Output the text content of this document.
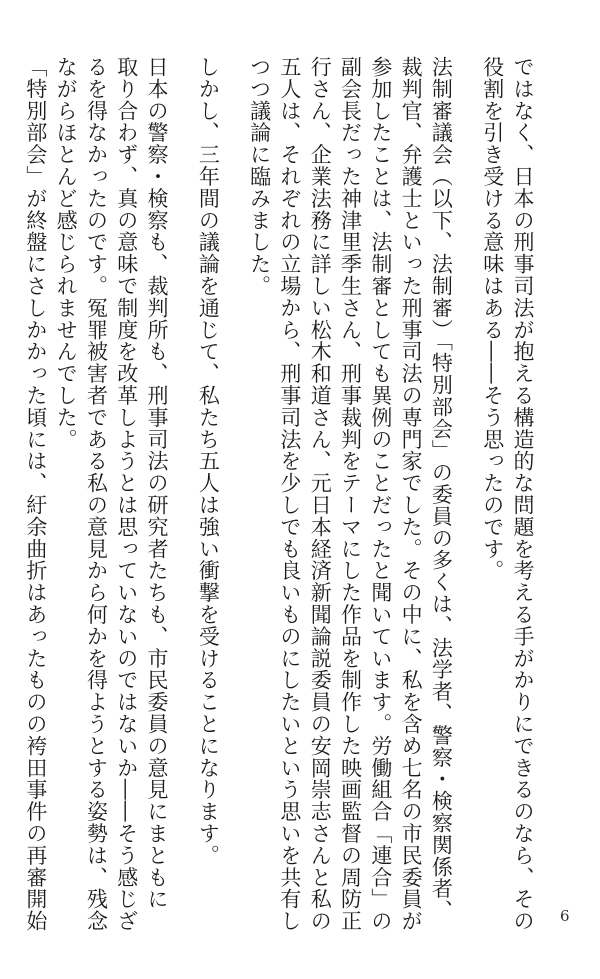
ではなく、日本の刑事司法が抱える構造的な問題を考える手がかりにできるのなら、その
役割を引き受ける意味はある――そう思ったのです。
法制審議会（以下、法制審）「特別部会」の委員の多くは、法学者、警察・検察関係者、
裁判官、弁護士といった刑事司法の専門家でした。その中に、私を含め七名の市民委員が
参加したことは、法制審としても異例のことだったと聞いています。労働組合「連合」の
副会長だった神津里季生さん、刑事裁判をテーマにした作品を制作した映画監督の周防正
行さん、企業法務に詳しい松木和道さん、元日本経済新聞論説委員の安岡崇志さんと私の
五人は、それぞれの立場から、刑事司法を少しでも良いものにしたいという思いを共有し
つつ議論に臨みました。
しかし、三年間の議論を通じて、私たち五人は強い衝撃を受けることになります。
日本の警察・検察も、裁判所も、刑事司法の研究者たちも、市民委員の意見にまともに
取り合わず、真の意味で制度を改革しようとは思っていないのではないか――そう感じざ
るを得なかったのです。冤罪被害者である私の意見から何かを得ようとする姿勢は、残念
ながらほとんど感じられませんでした。
「特別部会」が終盤にさしかかった頃には、紆余曲折はあったものの袴田事件の再審開始	6
